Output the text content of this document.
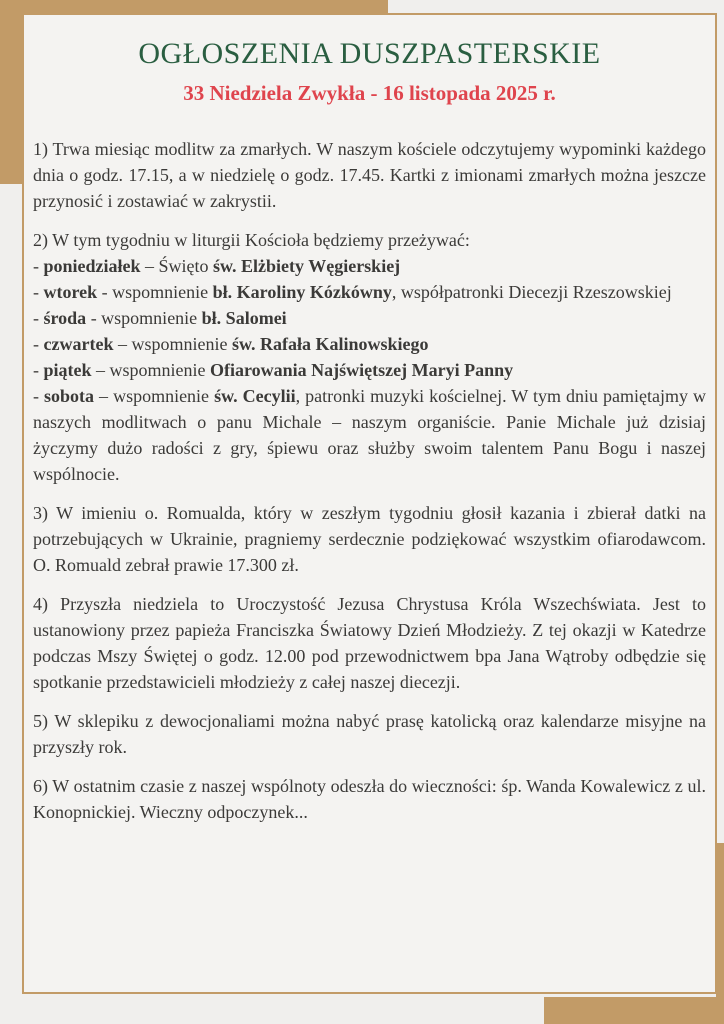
OGŁOSZENIA DUSZPASTERSKIE
33 Niedziela Zwykła - 16 listopada 2025 r.

1) Trwa miesiąc modlitw za zmarłych. W naszym kościele odczytujemy wypominki każdego dnia o godz. 17.15, a w niedzielę o godz. 17.45. Kartki z imionami zmarłych można jeszcze przynosić i zostawiać w zakrystii.

2) W tym tygodniu w liturgii Kościoła będziemy przeżywać:
- poniedziałek – Święto św. Elżbiety Węgierskiej
- wtorek - wspomnienie bł. Karoliny Kózkówny, współpatronki Diecezji Rzeszowskiej
- środa - wspomnienie bł. Salomei
- czwartek – wspomnienie św. Rafała Kalinowskiego
- piątek – wspomnienie Ofiarowania Najświętszej Maryi Panny
- sobota – wspomnienie św. Cecylii, patronki muzyki kościelnej. W tym dniu pamiętajmy w naszych modlitwach o panu Michale – naszym organiście. Panie Michale już dzisiaj życzymy dużo radości z gry, śpiewu oraz służby swoim talentem Panu Bogu i naszej wspólnocie.

3) W imieniu o. Romualda, który w zeszłym tygodniu głosił kazania i zbierał datki na potrzebujących w Ukrainie, pragniemy serdecznie podziękować wszystkim ofiarodawcom. O. Romuald zebrał prawie 17.300 zł.

4) Przyszła niedziela to Uroczystość Jezusa Chrystusa Króla Wszechświata. Jest to ustanowiony przez papieża Franciszka Światowy Dzień Młodzieży. Z tej okazji w Katedrze podczas Mszy Świętej o godz. 12.00 pod przewodnictwem bpa Jana Wątroby odbędzie się spotkanie przedstawicieli młodzieży z całej naszej diecezji.

5) W sklepiku z dewocjonaliami można nabyć prasę katolicką oraz kalendarze misyjne na przyszły rok.

6) W ostatnim czasie z naszej wspólnoty odeszła do wieczności: śp. Wanda Kowalewicz z ul. Konopnickiej. Wieczny odpoczynek...
